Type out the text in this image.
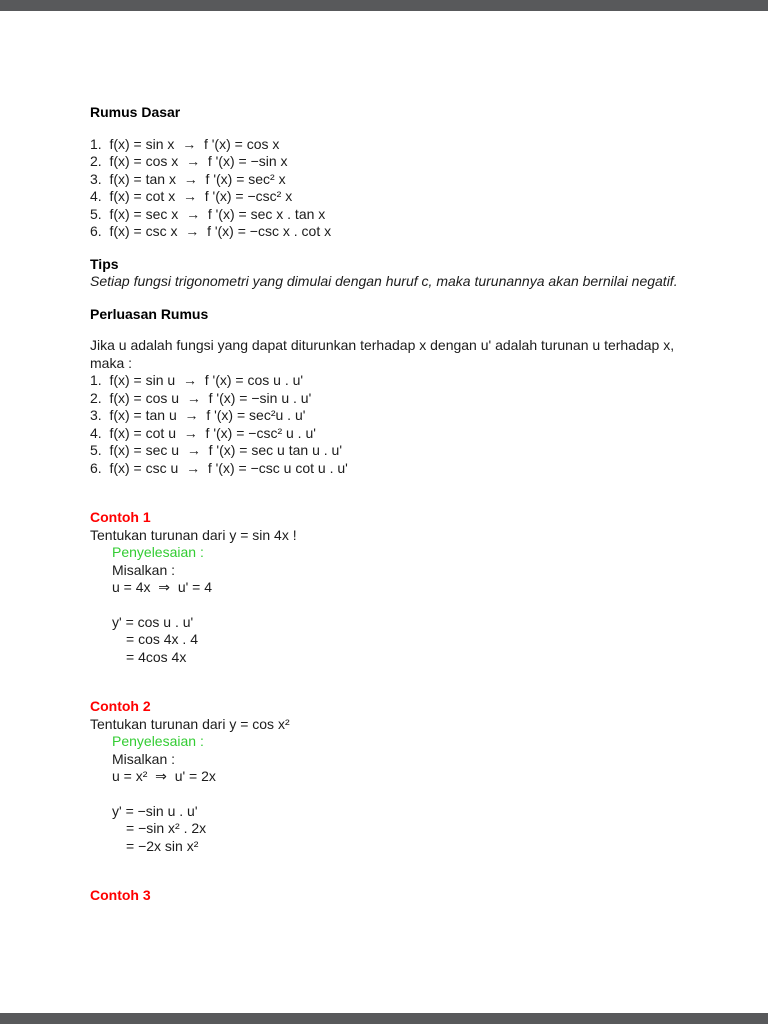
Rumus Dasar
1.  f(x) = sin x  →  f '(x) = cos x
2.  f(x) = cos x  →  f '(x) = −sin x
3.  f(x) = tan x  →  f '(x) = sec² x
4.  f(x) = cot x  →  f '(x) = −csc² x
5.  f(x) = sec x  →  f '(x) = sec x . tan x
6.  f(x) = csc x  →  f '(x) = −csc x . cot x
Tips
Setiap fungsi trigonometri yang dimulai dengan huruf c, maka turunannya akan bernilai negatif.
Perluasan Rumus
Jika u adalah fungsi yang dapat diturunkan terhadap x dengan u' adalah turunan u terhadap x, maka :
1.  f(x) = sin u  →  f '(x) = cos u . u'
2.  f(x) = cos u  →  f '(x) = −sin u . u'
3.  f(x) = tan u  →  f '(x) = sec²u . u'
4.  f(x) = cot u  →  f '(x) = −csc² u . u'
5.  f(x) = sec u  →  f '(x) = sec u tan u . u'
6.  f(x) = csc u  →  f '(x) = −csc u cot u . u'
Contoh 1
Tentukan turunan dari y = sin 4x !
Penyelesaian :
Misalkan :
u = 4x  ⇒  u' = 4
y' = cos u . u'
= cos 4x . 4
= 4cos 4x
Contoh 2
Tentukan turunan dari y = cos x²
Penyelesaian :
Misalkan :
u = x²  ⇒  u' = 2x
y' = −sin u . u'
= −sin x² . 2x
= −2x sin x²
Contoh 3
